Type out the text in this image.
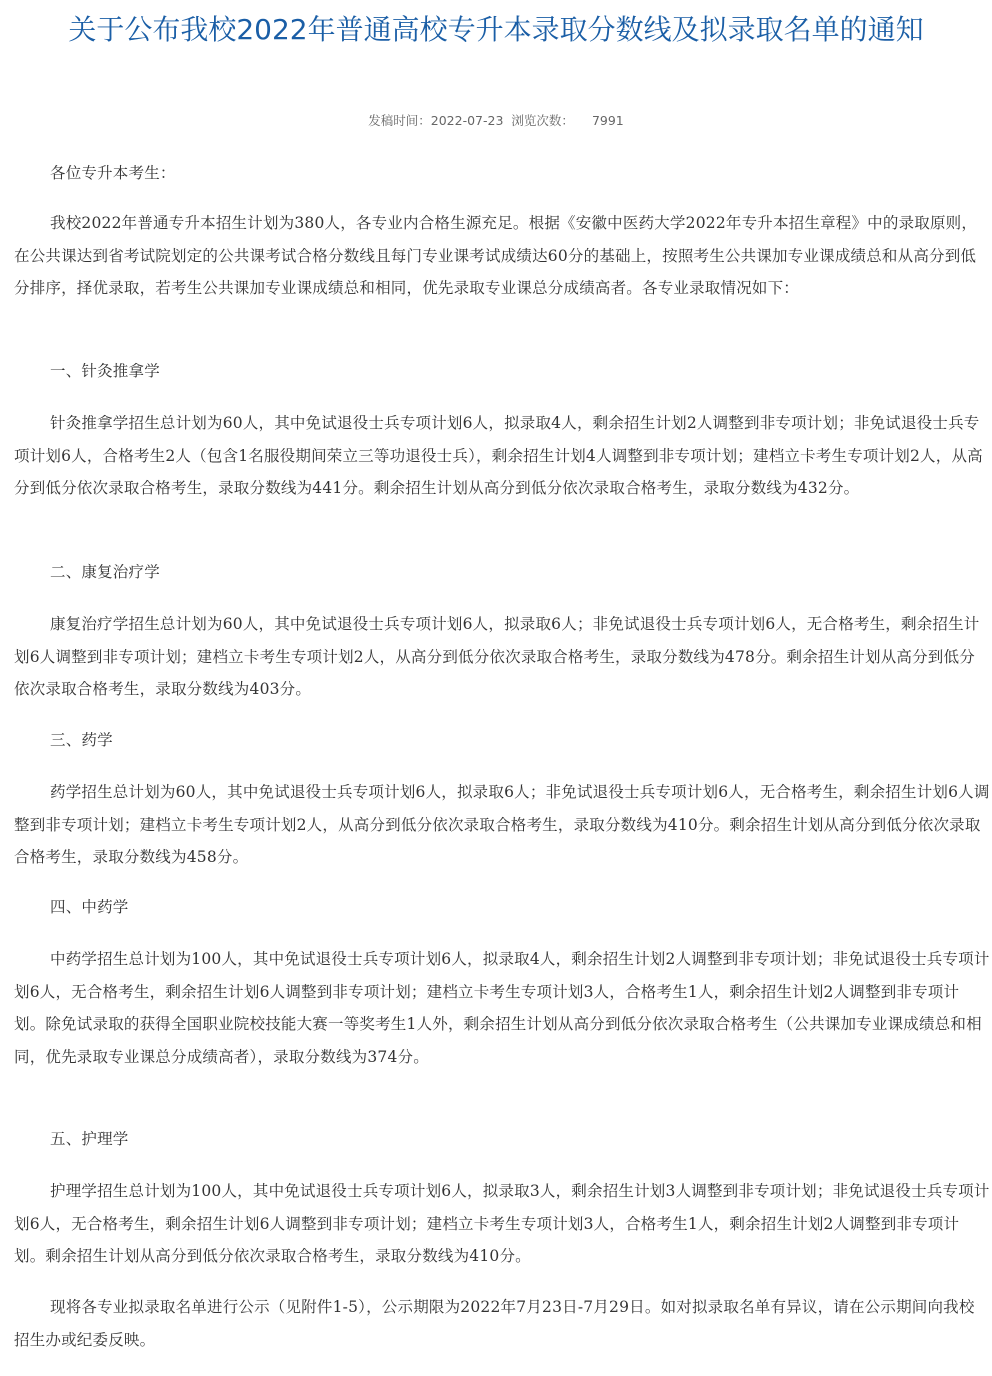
关于公布我校2022年普通高校专升本录取分数线及拟录取名单的通知
发稿时间：2022-07-23 浏览次数： 7991

各位专升本考生：

我校2022年普通专升本招生计划为380人，各专业内合格生源充足。根据《安徽中医药大学2022年专升本招生章程》中的录取原则，在公共课达到省考试院划定的公共课考试合格分数线且每门专业课考试成绩达60分的基础上，按照考生公共课加专业课成绩总和从高分到低分排序，择优录取，若考生公共课加专业课成绩总和相同，优先录取专业课总分成绩高者。各专业录取情况如下：

一、针灸推拿学

针灸推拿学招生总计划为60人，其中免试退役士兵专项计划6人，拟录取4人，剩余招生计划2人调整到非专项计划；非免试退役士兵专项计划6人，合格考生2人（包含1名服役期间荣立三等功退役士兵），剩余招生计划4人调整到非专项计划；建档立卡考生专项计划2人，从高分到低分依次录取合格考生，录取分数线为441分。剩余招生计划从高分到低分依次录取合格考生，录取分数线为432分。

二、康复治疗学

康复治疗学招生总计划为60人，其中免试退役士兵专项计划6人，拟录取6人；非免试退役士兵专项计划6人，无合格考生，剩余招生计划6人调整到非专项计划；建档立卡考生专项计划2人，从高分到低分依次录取合格考生，录取分数线为478分。剩余招生计划从高分到低分依次录取合格考生，录取分数线为403分。

三、药学

药学招生总计划为60人，其中免试退役士兵专项计划6人，拟录取6人；非免试退役士兵专项计划6人，无合格考生，剩余招生计划6人调整到非专项计划；建档立卡考生专项计划2人，从高分到低分依次录取合格考生，录取分数线为410分。剩余招生计划从高分到低分依次录取合格考生，录取分数线为458分。

四、中药学

中药学招生总计划为100人，其中免试退役士兵专项计划6人，拟录取4人，剩余招生计划2人调整到非专项计划；非免试退役士兵专项计划6人，无合格考生，剩余招生计划6人调整到非专项计划；建档立卡考生专项计划3人，合格考生1人，剩余招生计划2人调整到非专项计划。除免试录取的获得全国职业院校技能大赛一等奖考生1人外，剩余招生计划从高分到低分依次录取合格考生（公共课加专业课成绩总和相同，优先录取专业课总分成绩高者），录取分数线为374分。

五、护理学

护理学招生总计划为100人，其中免试退役士兵专项计划6人，拟录取3人，剩余招生计划3人调整到非专项计划；非免试退役士兵专项计划6人，无合格考生，剩余招生计划6人调整到非专项计划；建档立卡考生专项计划3人，合格考生1人，剩余招生计划2人调整到非专项计划。剩余招生计划从高分到低分依次录取合格考生，录取分数线为410分。

现将各专业拟录取名单进行公示（见附件1-5），公示期限为2022年7月23日-7月29日。如对拟录取名单有异议，请在公示期间向我校招生办或纪委反映。
